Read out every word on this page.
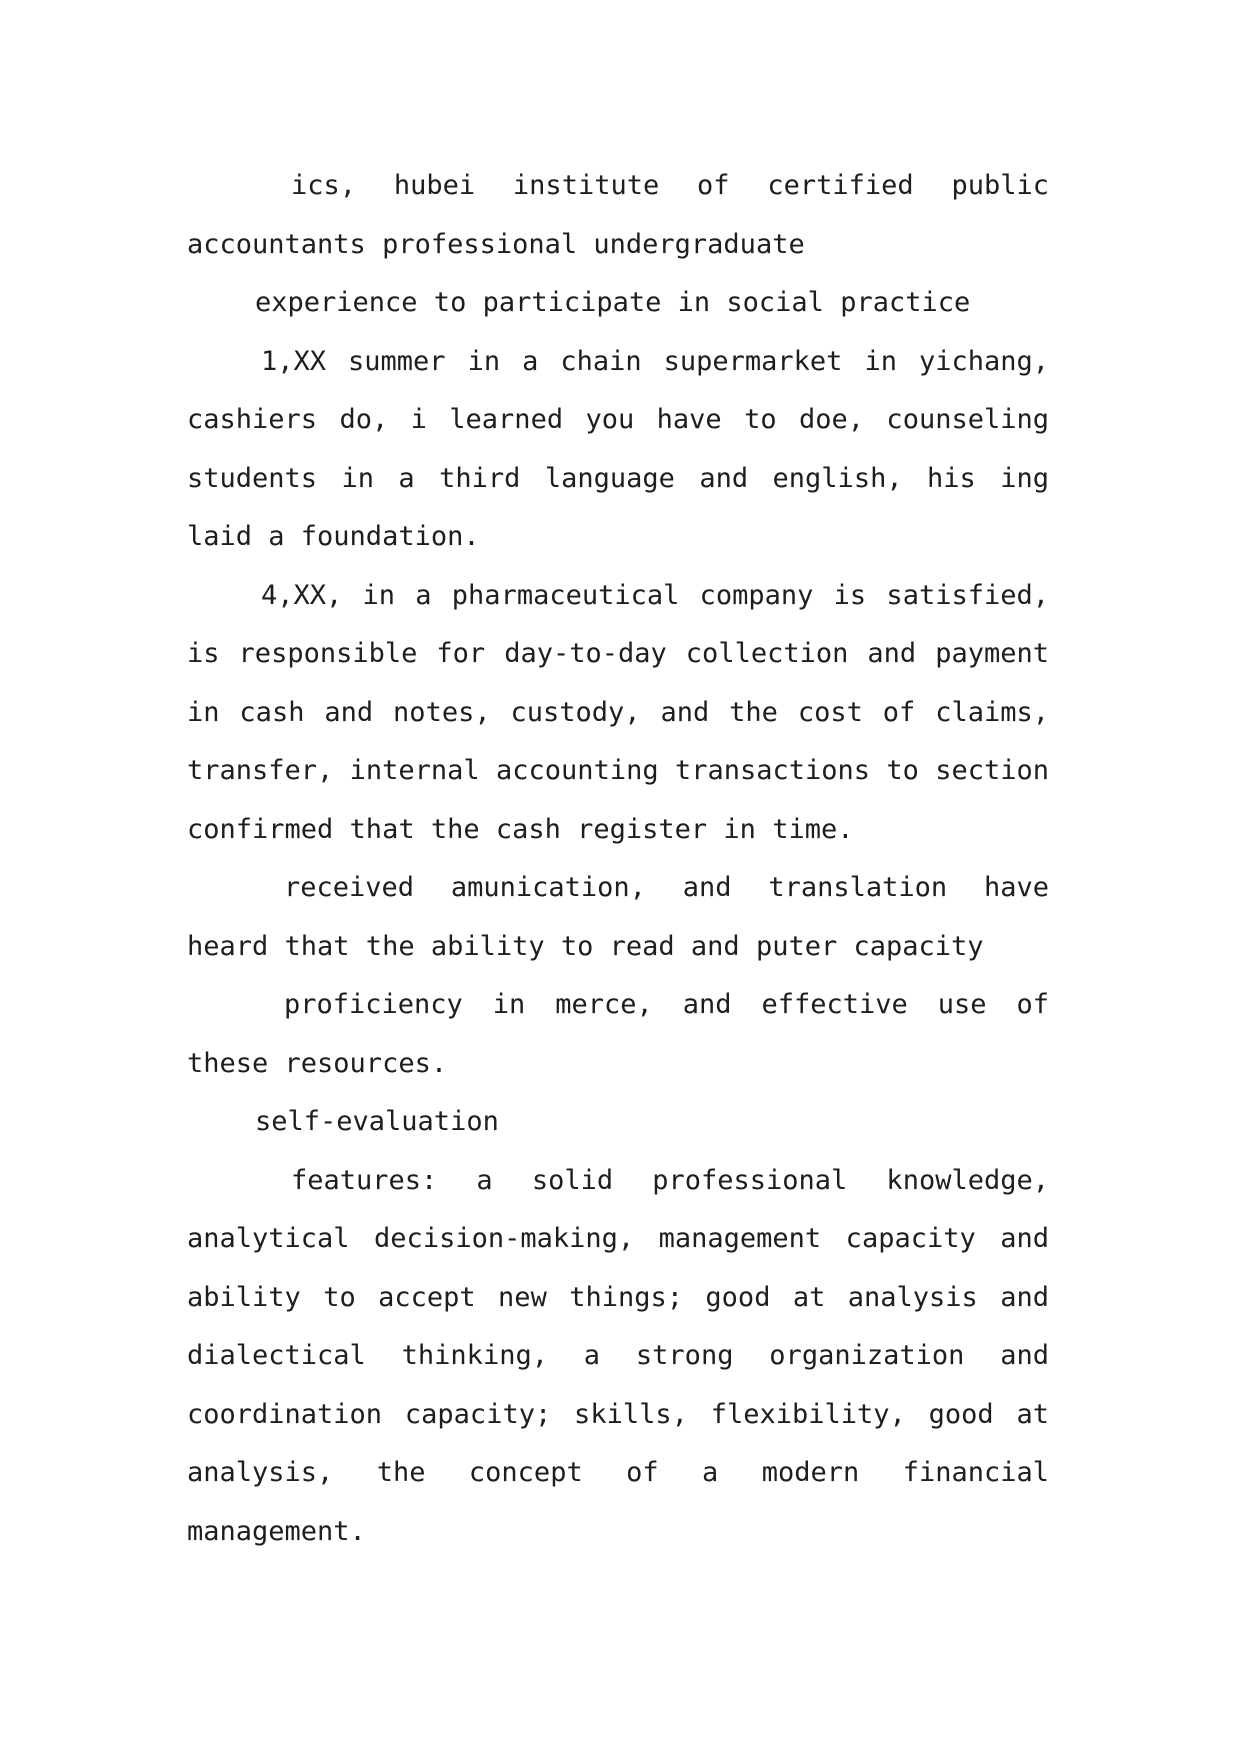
ics, hubei institute of certified public accountants professional undergraduate

experience to participate in social practice

1,XX summer in a chain supermarket in yichang, cashiers do, i learned you have to doe, counseling students in a third language and english, his ing laid a foundation.

4,XX, in a pharmaceutical company is satisfied, is responsible for day-to-day collection and payment in cash and notes, custody, and the cost of claims, transfer, internal accounting transactions to section confirmed that the cash register in time.

received amunication, and translation have heard that the ability to read and puter capacity

proficiency in merce, and effective use of these resources.

self-evaluation

features: a solid professional knowledge, analytical decision-making, management capacity and ability to accept new things; good at analysis and dialectical thinking, a strong organization and coordination capacity; skills, flexibility, good at analysis, the concept of a modern financial management.
